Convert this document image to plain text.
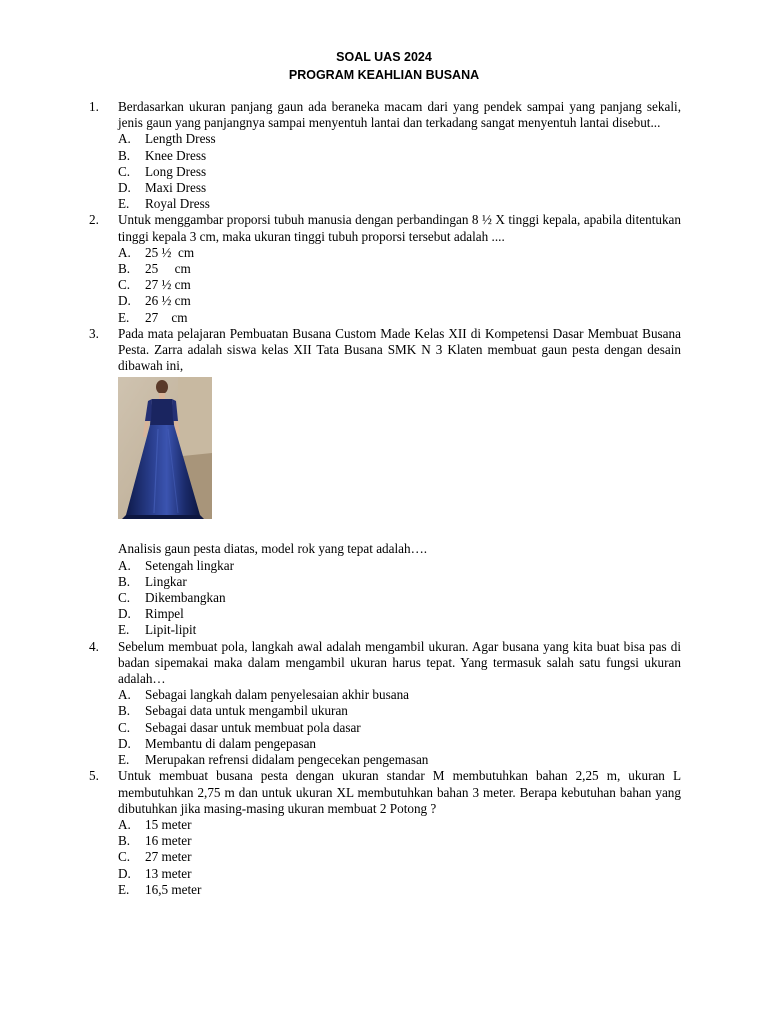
SOAL UAS 2024
PROGRAM KEAHLIAN BUSANA
1. Berdasarkan ukuran panjang gaun ada beraneka macam dari yang pendek sampai yang panjang sekali, jenis gaun yang panjangnya sampai menyentuh lantai dan terkadang sangat menyentuh lantai disebut...
A. Length Dress
B. Knee Dress
C. Long Dress
D. Maxi Dress
E. Royal Dress
2. Untuk menggambar proporsi tubuh manusia dengan perbandingan 8 ½ X tinggi kepala, apabila ditentukan tinggi kepala 3 cm, maka ukuran tinggi tubuh proporsi tersebut adalah ....
A. 25 ½  cm
B. 25     cm
C. 27 ½ cm
D. 26 ½ cm
E. 27    cm
3. Pada mata pelajaran Pembuatan Busana Custom Made Kelas XII di Kompetensi Dasar Membuat Busana Pesta. Zarra adalah siswa kelas XII Tata Busana SMK N 3 Klaten membuat gaun pesta dengan desain dibawah ini,
Analisis gaun pesta diatas, model rok yang tepat adalah….
A. Setengah lingkar
B. Lingkar
C. Dikembangkan
D. Rimpel
E. Lipit-lipit
4. Sebelum membuat pola, langkah awal adalah mengambil ukuran. Agar busana yang kita buat bisa pas di badan sipemakai maka dalam mengambil ukuran harus tepat. Yang termasuk salah satu fungsi ukuran adalah…
A. Sebagai langkah dalam penyelesaian akhir busana
B. Sebagai data untuk mengambil ukuran
C. Sebagai dasar untuk membuat pola dasar
D. Membantu di dalam pengepasan
E. Merupakan refrensi didalam pengecekan pengemasan
5. Untuk membuat busana pesta dengan ukuran standar M membutuhkan bahan 2,25 m, ukuran L membutuhkan 2,75 m dan untuk ukuran XL membutuhkan bahan 3 meter. Berapa kebutuhan bahan yang dibutuhkan jika masing-masing ukuran membuat 2 Potong ?
A. 15 meter
B. 16 meter
C. 27 meter
D. 13 meter
E. 16,5 meter
